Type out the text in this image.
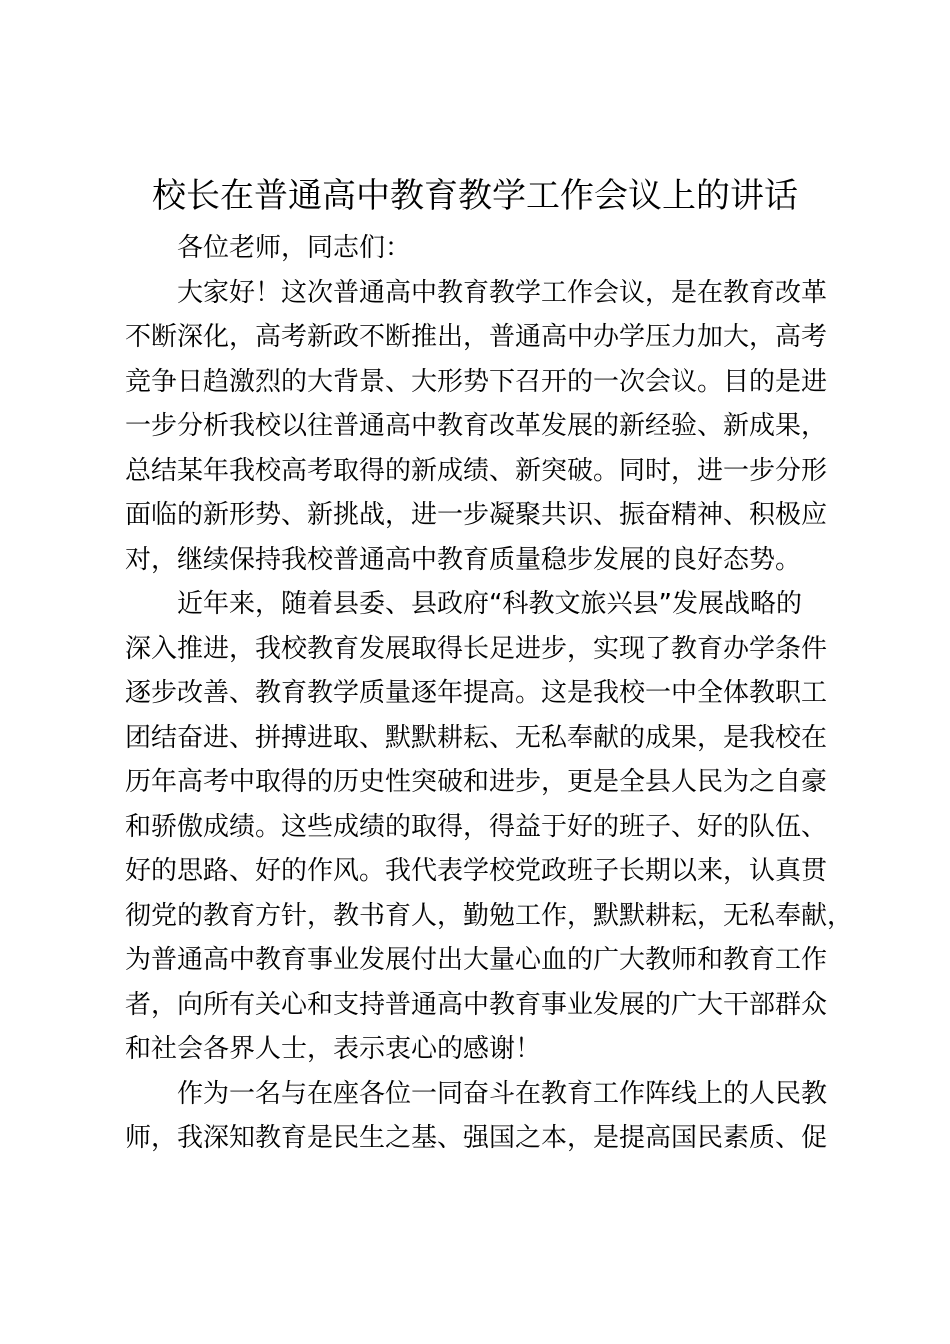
校长在普通高中教育教学工作会议上的讲话
各位老师，同志们：
大家好！这次普通高中教育教学工作会议，是在教育改革
不断深化，高考新政不断推出，普通高中办学压力加大，高考
竞争日趋激烈的大背景、大形势下召开的一次会议。目的是进
一步分析我校以往普通高中教育改革发展的新经验、新成果，
总结某年我校高考取得的新成绩、新突破。同时，进一步分形
面临的新形势、新挑战，进一步凝聚共识、振奋精神、积极应
对，继续保持我校普通高中教育质量稳步发展的良好态势。
近年来，随着县委、县政府“科教文旅兴县”发展战略的
深入推进，我校教育发展取得长足进步，实现了教育办学条件
逐步改善、教育教学质量逐年提高。这是我校一中全体教职工
团结奋进、拼搏进取、默默耕耘、无私奉献的成果，是我校在
历年高考中取得的历史性突破和进步，更是全县人民为之自豪
和骄傲成绩。这些成绩的取得，得益于好的班子、好的队伍、
好的思路、好的作风。我代表学校党政班子长期以来，认真贯
彻党的教育方针，教书育人，勤勉工作，默默耕耘，无私奉献，
为普通高中教育事业发展付出大量心血的广大教师和教育工作
者，向所有关心和支持普通高中教育事业发展的广大干部群众
和社会各界人士，表示衷心的感谢！
作为一名与在座各位一同奋斗在教育工作阵线上的人民教
师，我深知教育是民生之基、强国之本，是提高国民素质、促
